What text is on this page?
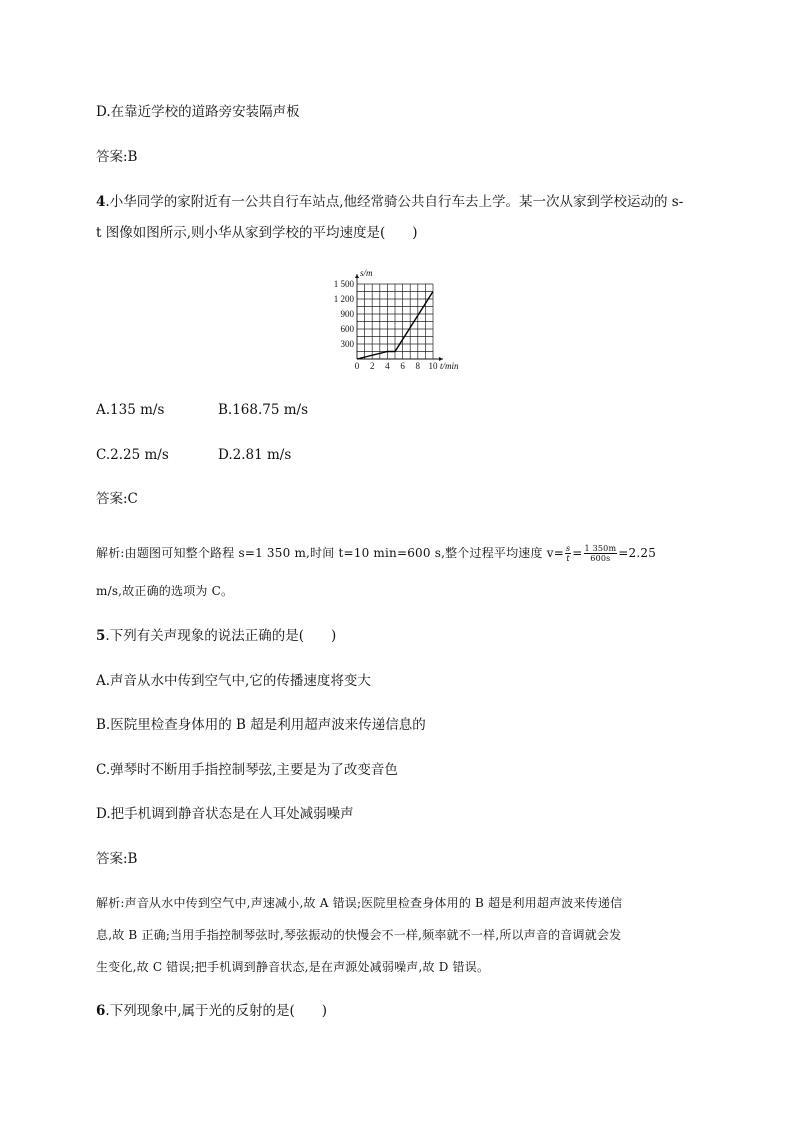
D.在靠近学校的道路旁安装隔声板
答案:B
4.小华同学的家附近有一公共自行车站点,他经常骑公共自行车去上学。某一次从家到学校运动的 s-
t 图像如图所示,则小华从家到学校的平均速度是(　　)
0 2 4 6 8 10
300
600
900
1 200
1 500
t/min
s/m
A.135 m/s	B.168.75 m/s
C.2.25 m/s	D.2.81 m/s
答案:C
解析:由题图可知整个路程 s=1 350 m,时间 t=10 min=600 s,整个过程平均速度 $v= \frac{s}{t} = \frac{1 350m}{600s} =2.25$
m/s,故正确的选项为 C。
5.下列有关声现象的说法正确的是(　　)
A.声音从水中传到空气中,它的传播速度将变大
B.医院里检查身体用的 B 超是利用超声波来传递信息的
C.弹琴时不断用手指控制琴弦,主要是为了改变音色
D.把手机调到静音状态是在人耳处减弱噪声
答案:B
解析:声音从水中传到空气中,声速减小,故 A 错误;医院里检查身体用的 B 超是利用超声波来传递信
息,故 B 正确;当用手指控制琴弦时,琴弦振动的快慢会不一样,频率就不一样,所以声音的音调就会发
生变化,故 C 错误;把手机调到静音状态,是在声源处减弱噪声,故 D 错误。
6.下列现象中,属于光的反射的是(　　)
